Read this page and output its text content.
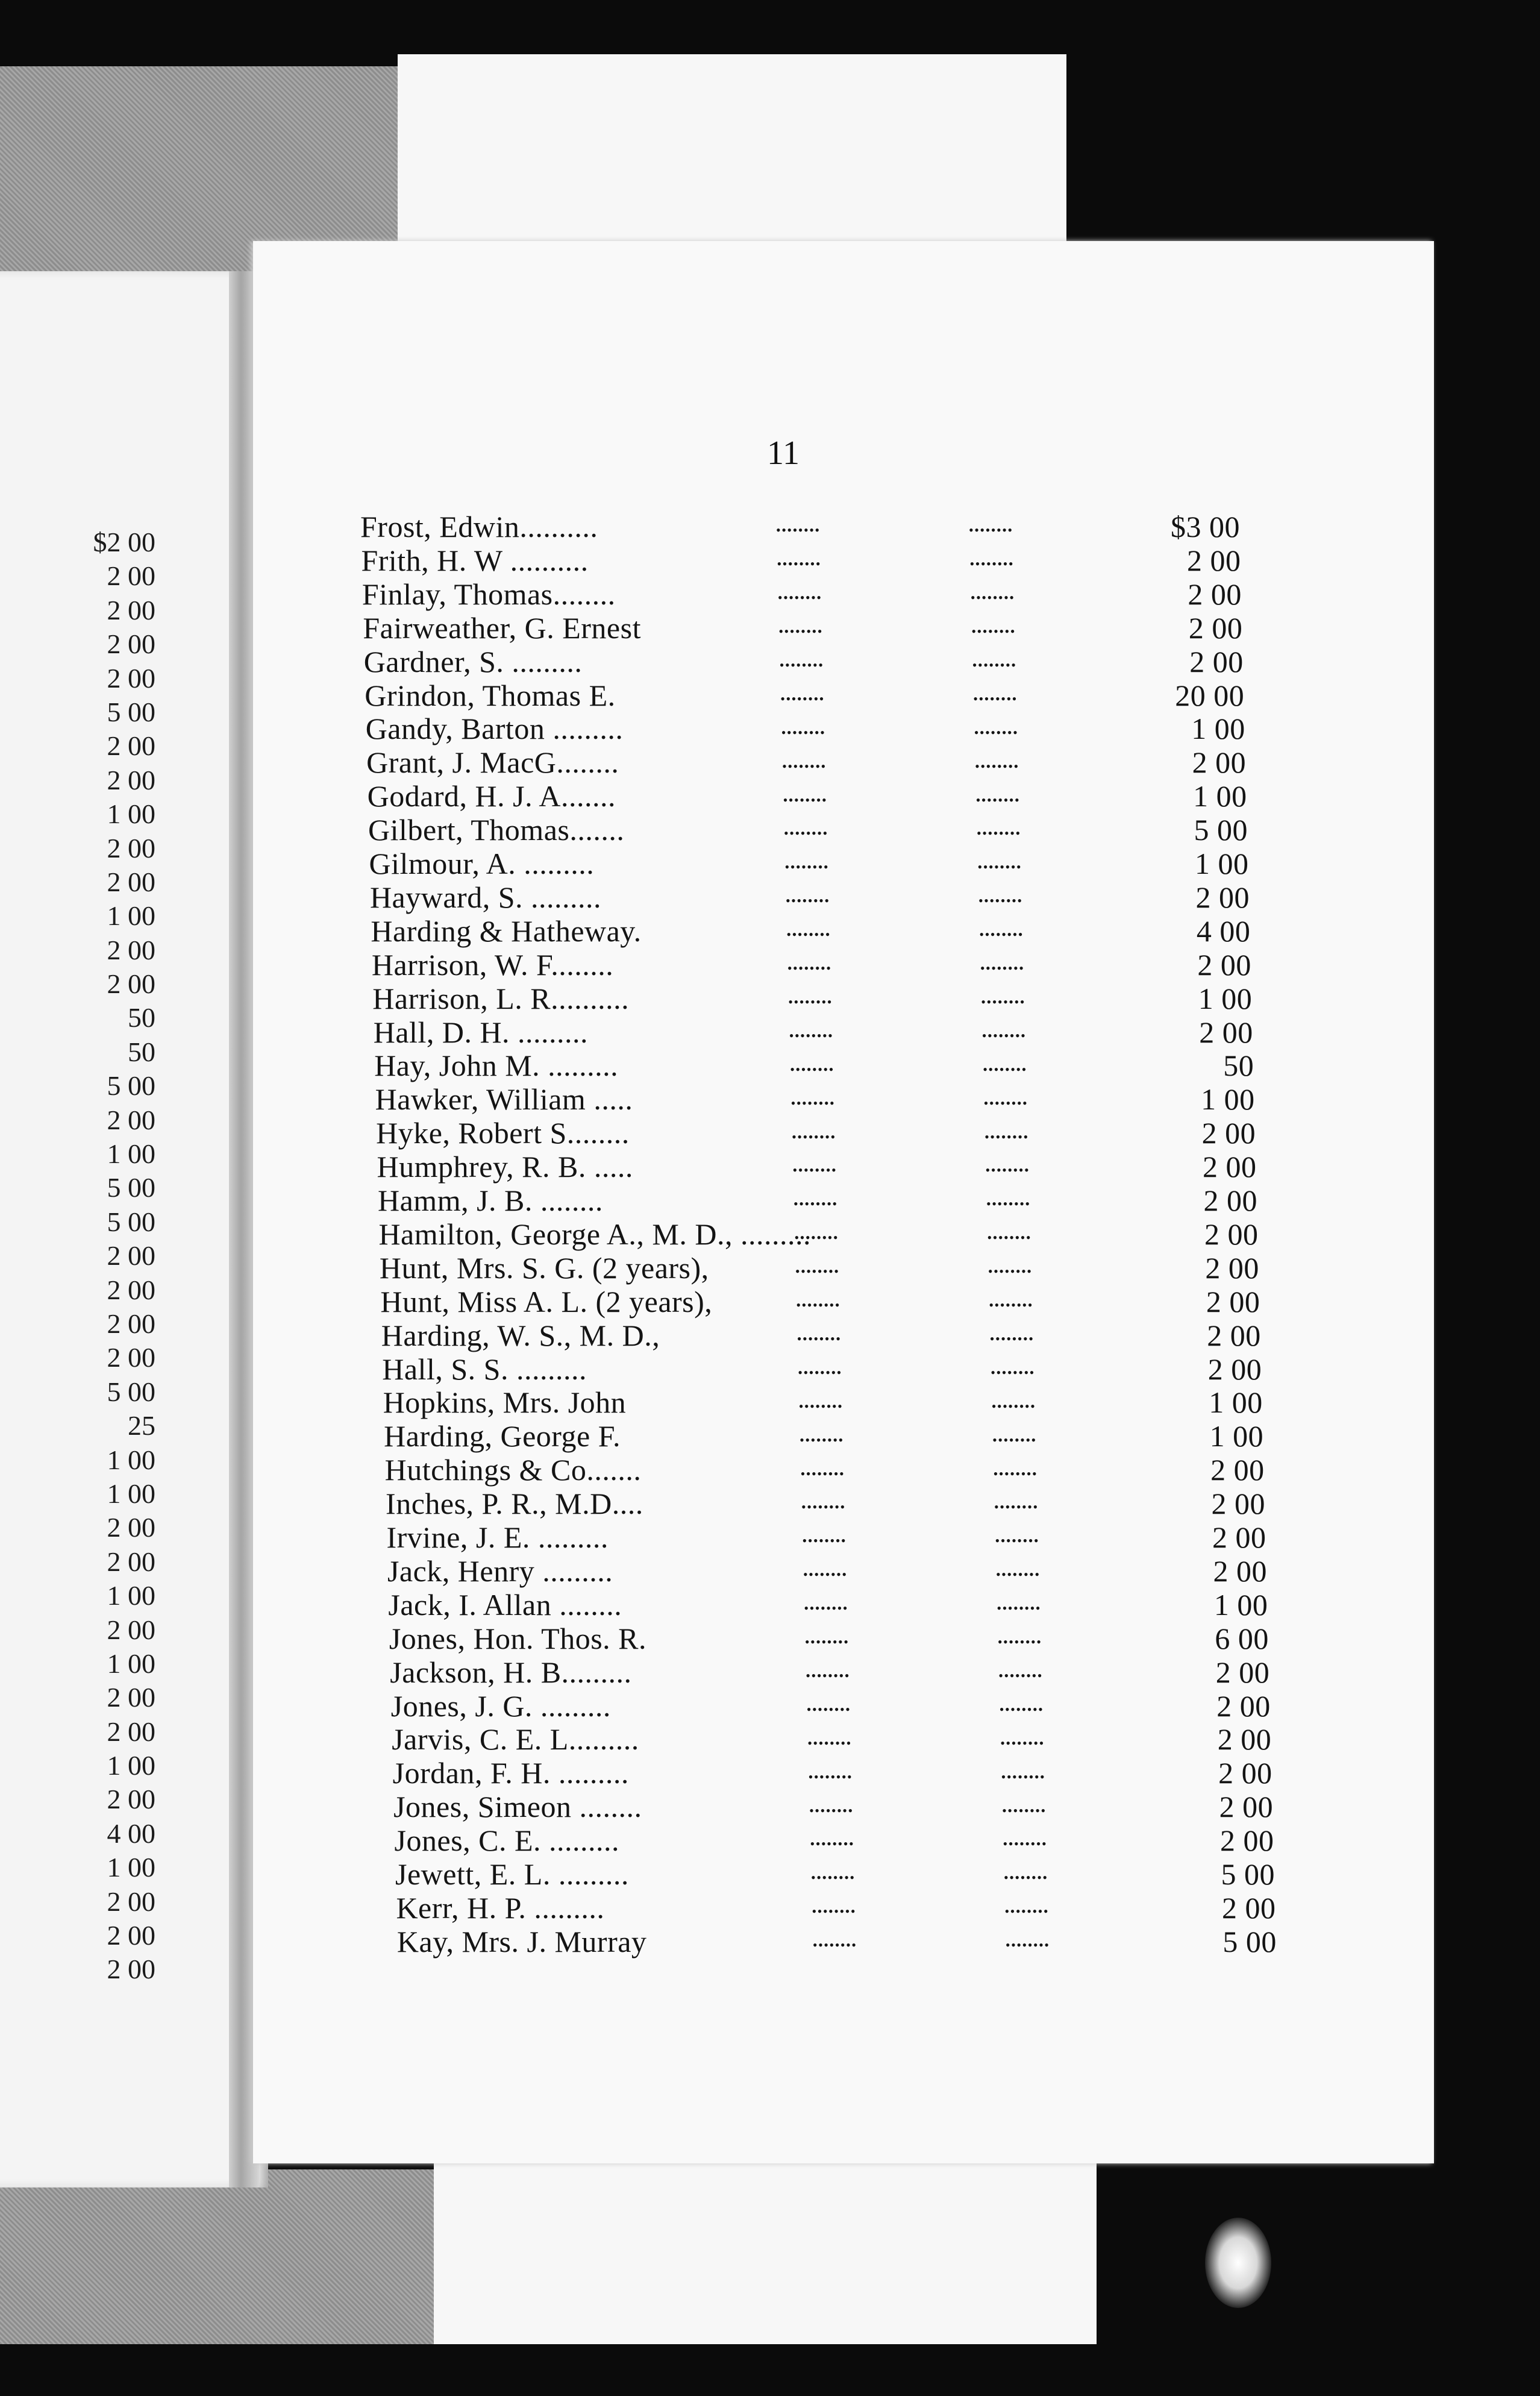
$2 00
2 00
2 00
2 00
2 00
5 00
2 00
2 00
1 00
2 00
2 00
1 00
2 00
2 00
50
50
5 00
2 00
1 00
5 00
5 00
2 00
2 00
2 00
2 00
5 00
25
1 00
1 00
2 00
2 00
1 00
2 00
1 00
2 00
2 00
1 00
2 00
4 00
1 00
2 00
2 00
2 00
11
Frost, Edwin.......... • • • • • •	$3 00
Frith, H. W .......... • • • • • •	2 00
Finlay, Thomas........ • • • • • •	2 00
Fairweather, G. Ernest • • • • • •	2 00
Gardner, S. ......... • • • • • •	2 00
Grindon, Thomas E. • • • • • •	20 00
Gandy, Barton ......... • • • • • •	1 00
Grant, J. MacG........ • • • • • •	2 00
Godard, H. J. A....... • • • • • •	1 00
Gilbert, Thomas....... • • • • • •	5 00
Gilmour, A. ......... • • • • • •	1 00
Hayward, S. ......... • • • • • •	2 00
Harding & Hatheway. • • • • • •	4 00
Harrison, W. F........ • • • • • •	2 00
Harrison, L. R.......... • • • • • •	1 00
Hall, D. H. ......... • • • • • •	2 00
Hay, John M. ......... • • • • • •	50
Hawker, William ..... • • • • • •	1 00
Hyke, Robert S........ • • • • • •	2 00
Humphrey, R. B. ..... • • • • • •	2 00
Hamm, J. B. ........ • • • • • •	2 00
Hamilton, George A., M. D., ......... • • • • • •	2 00
Hunt, Mrs. S. G. (2 years), • • • • • •	2 00
Hunt, Miss A. L. (2 years), • • • • • •	2 00
Harding, W. S., M. D., • • • • • •	2 00
Hall, S. S. ......... • • • • • •	2 00
Hopkins, Mrs. John • • • • • •	1 00
Harding, George F. • • • • • •	1 00
Hutchings & Co....... • • • • • •	2 00
Inches, P. R., M.D.... • • • • • •	2 00
Irvine, J. E. ......... • • • • • •	2 00
Jack, Henry ......... • • • • • •	2 00
Jack, I. Allan ........ • • • • • •	1 00
Jones, Hon. Thos. R. • • • • • •	6 00
Jackson, H. B......... • • • • • •	2 00
Jones, J. G. ......... • • • • • •	2 00
Jarvis, C. E. L......... • • • • • •	2 00
Jordan, F. H. ......... • • • • • •	2 00
Jones, Simeon ........ • • • • • •	2 00
Jones, C. E. ......... • • • • • •	2 00
Jewett, E. L. ......... • • • • • •	5 00
Kerr, H. P. ......... • • • • • •	2 00
Kay, Mrs. J. Murray • • • • • •	5 00
